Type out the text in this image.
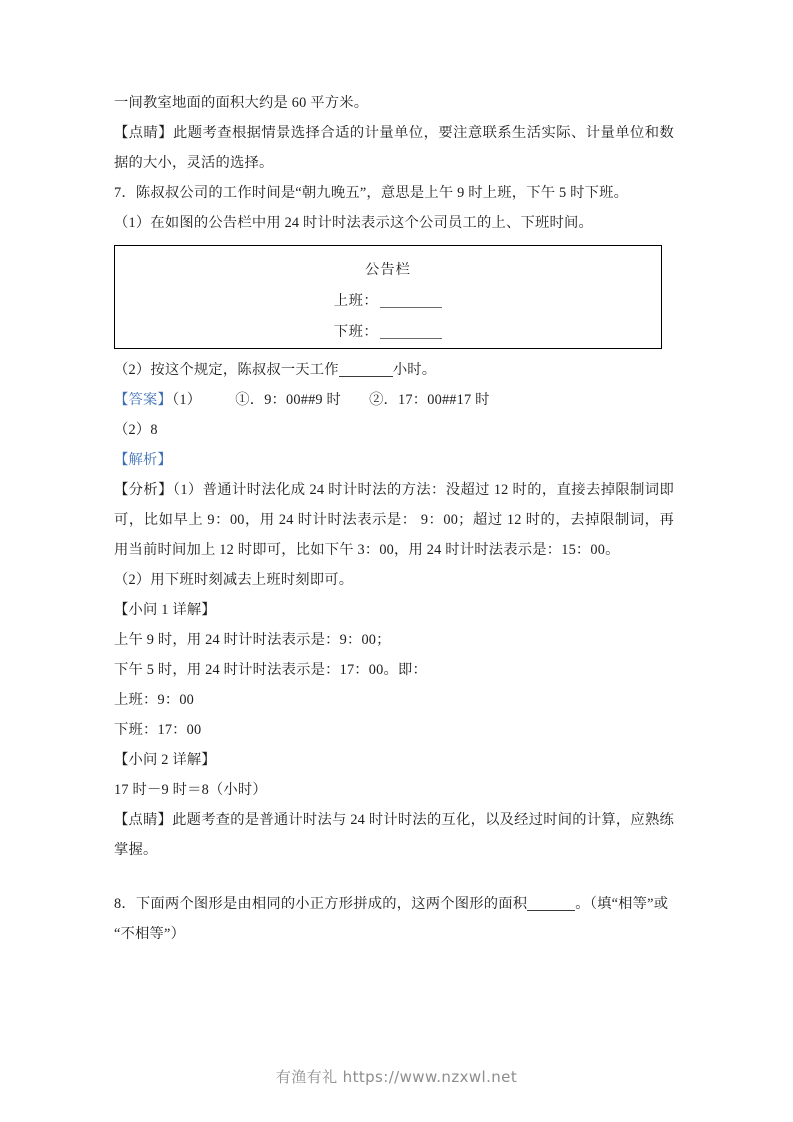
一间教室地面的面积大约是 60 平方米。
【点睛】此题考查根据情景选择合适的计量单位，要注意联系生活实际、计量单位和数据的大小，灵活的选择。
7．陈叔叔公司的工作时间是“朝九晚五”，意思是上午 9 时上班，下午 5 时下班。
（1）在如图的公告栏中用 24 时计时法表示这个公司员工的上、下班时间。
公告栏
上班：
下班：
（2）按这个规定，陈叔叔一天工作	小时。
【答案】（1） ①．9：00##9 时 ②．17：00##17 时
（2）8
【解析】
【分析】（1）普通计时法化成 24 时计时法的方法：没超过 12 时的，直接去掉限制词即可，比如早上 9：00，用 24 时计时法表示是： 9：00；超过 12 时的，去掉限制词，再用当前时间加上 12 时即可，比如下午 3：00，用 24 时计时法表示是：15：00。
（2）用下班时刻减去上班时刻即可。
【小问 1 详解】
上午 9 时，用 24 时计时法表示是：9：00；
下午 5 时，用 24 时计时法表示是：17：00。即：
上班：9：00
下班：17：00
【小问 2 详解】
17 时－9 时＝8（小时）
【点睛】此题考查的是普通计时法与 24 时计时法的互化，以及经过时间的计算，应熟练掌握。
8．下面两个图形是由相同的小正方形拼成的，这两个图形的面积	。（填“相等”或
“不相等”）
有渔有礼 https://www.nzxwl.net
